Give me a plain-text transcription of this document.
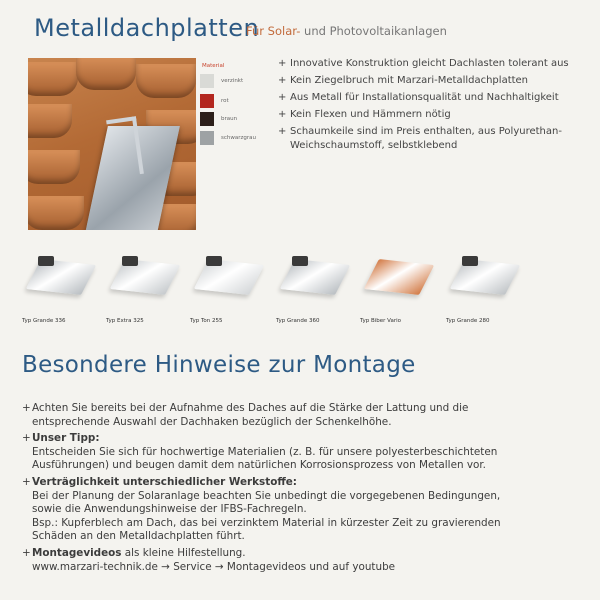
Metalldachplatten
Für Solar- und Photovoltaikanlagen
Material
verzinkt
rot
braun
schwarzgrau
+ Innovative Konstruktion gleicht Dachlasten tolerant aus
+ Kein Ziegelbruch mit Marzari-Metalldachplatten
+ Aus Metall für Installationsqualität und Nachhaltigkeit
+ Kein Flexen und Hämmern nötig
+ Schaumkeile sind im Preis enthalten, aus Polyurethan-Weichschaumstoff, selbstklebend
Typ Grande 336	Typ Extra 325	Typ Ton 255	Typ Grande 360	Typ Biber Vario	Typ Grande 280
Besondere Hinweise zur Montage
+ Achten Sie bereits bei der Aufnahme des Daches auf die Stärke der Lattung und die
entsprechende Auswahl der Dachhaken bezüglich der Schenkelhöhe.
+ Unser Tipp:
Entscheiden Sie sich für hochwertige Materialien (z. B. für unsere polyesterbeschichteten
Ausführungen) und beugen damit dem natürlichen Korrosionsprozess von Metallen vor.
+ Verträglichkeit unterschiedlicher Werkstoffe:
Bei der Planung der Solaranlage beachten Sie unbedingt die vorgegebenen Bedingungen,
sowie die Anwendungshinweise der IFBS-Fachregeln.
Bsp.: Kupferblech am Dach, das bei verzinktem Material in kürzester Zeit zu gravierenden
Schäden an den Metalldachplatten führt.
+ Montagevideos als kleine Hilfestellung.
www.marzari-technik.de → Service → Montagevideos und auf youtube
